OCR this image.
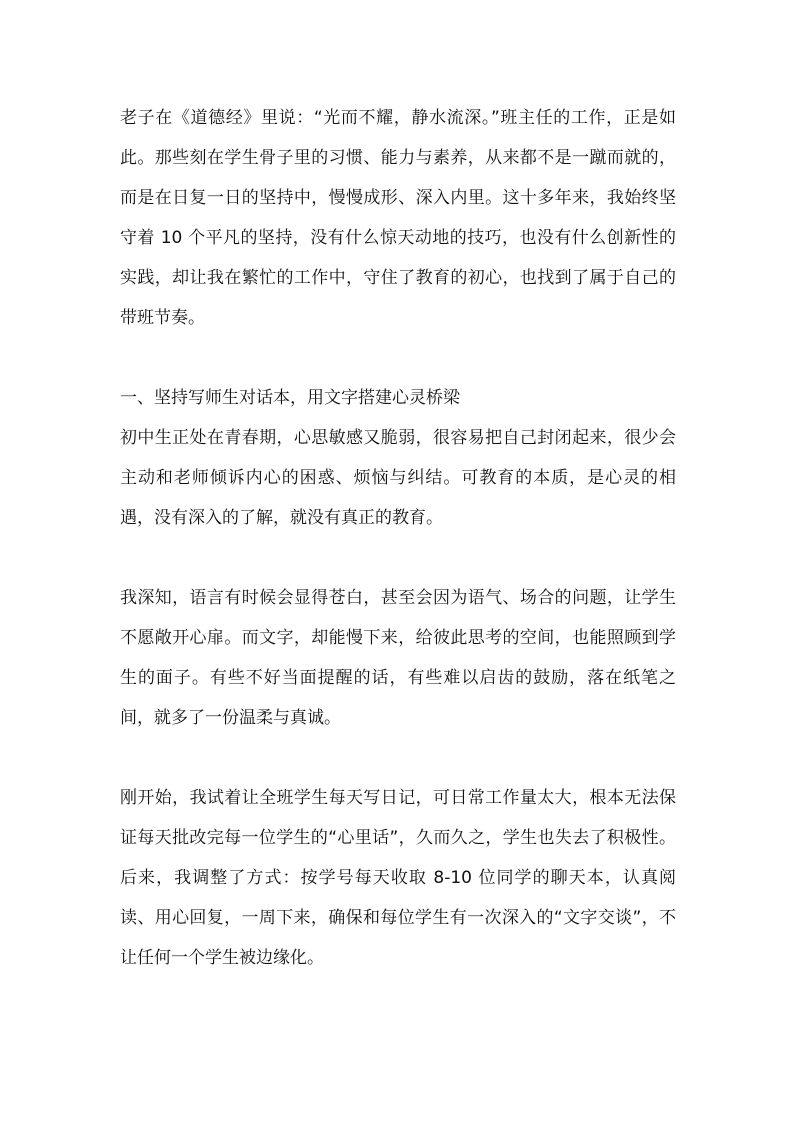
老子在《道德经》里说：“光而不耀，静水流深。”班主任的工作，正是如此。那些刻在学生骨子里的习惯、能力与素养，从来都不是一蹴而就的，而是在日复一日的坚持中，慢慢成形、深入内里。这十多年来，我始终坚守着 10 个平凡的坚持，没有什么惊天动地的技巧，也没有什么创新性的实践，却让我在繁忙的工作中，守住了教育的初心，也找到了属于自己的带班节奏。

一、坚持写师生对话本，用文字搭建心灵桥梁

初中生正处在青春期，心思敏感又脆弱，很容易把自己封闭起来，很少会主动和老师倾诉内心的困惑、烦恼与纠结。可教育的本质，是心灵的相遇，没有深入的了解，就没有真正的教育。

我深知，语言有时候会显得苍白，甚至会因为语气、场合的问题，让学生不愿敞开心扉。而文字，却能慢下来，给彼此思考的空间，也能照顾到学生的面子。有些不好当面提醒的话，有些难以启齿的鼓励，落在纸笔之间，就多了一份温柔与真诚。

刚开始，我试着让全班学生每天写日记，可日常工作量太大，根本无法保证每天批改完每一位学生的“心里话”，久而久之，学生也失去了积极性。后来，我调整了方式：按学号每天收取 8-10 位同学的聊天本，认真阅读、用心回复，一周下来，确保和每位学生有一次深入的“文字交谈”，不让任何一个学生被边缘化。
